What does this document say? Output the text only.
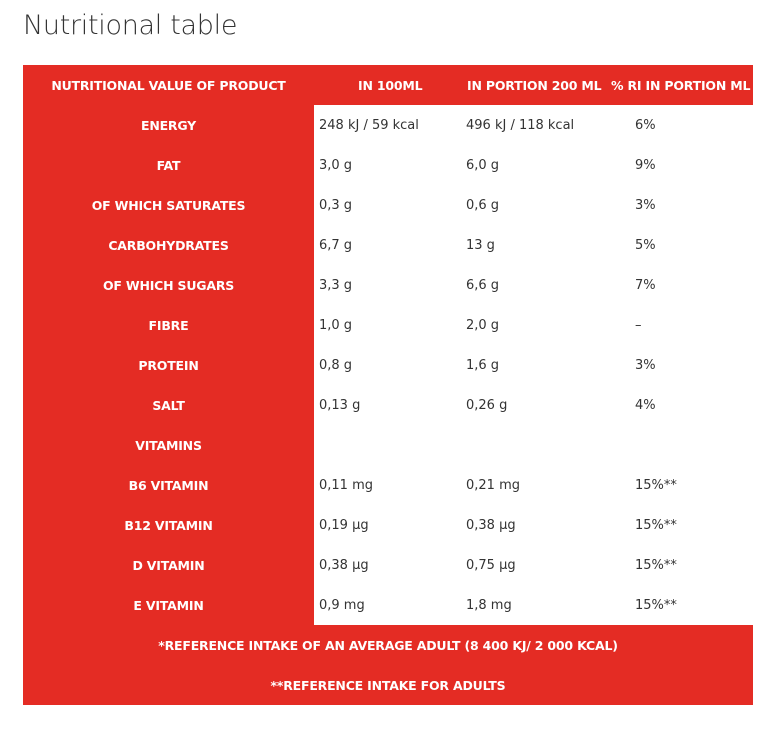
Nutritional table
NUTRITIONAL VALUE OF PRODUCT	IN 100ML	IN PORTION 200 ML	% RI IN PORTION ML
ENERGY	248 kJ / 59 kcal	496 kJ / 118 kcal	6%
FAT	3,0 g	6,0 g	9%
OF WHICH SATURATES	0,3 g	0,6 g	3%
CARBOHYDRATES	6,7 g	13 g	5%
OF WHICH SUGARS	3,3 g	6,6 g	7%
FIBRE	1,0 g	2,0 g	–
PROTEIN	0,8 g	1,6 g	3%
SALT	0,13 g	0,26 g	4%
VITAMINS			
B6 VITAMIN	0,11 mg	0,21 mg	15%**
B12 VITAMIN	0,19 µg	0,38 µg	15%**
D VITAMIN	0,38 µg	0,75 µg	15%**
E VITAMIN	0,9 mg	1,8 mg	15%**
*REFERENCE INTAKE OF AN AVERAGE ADULT (8 400 KJ/ 2 000 KCAL)			
**REFERENCE INTAKE FOR ADULTS			
